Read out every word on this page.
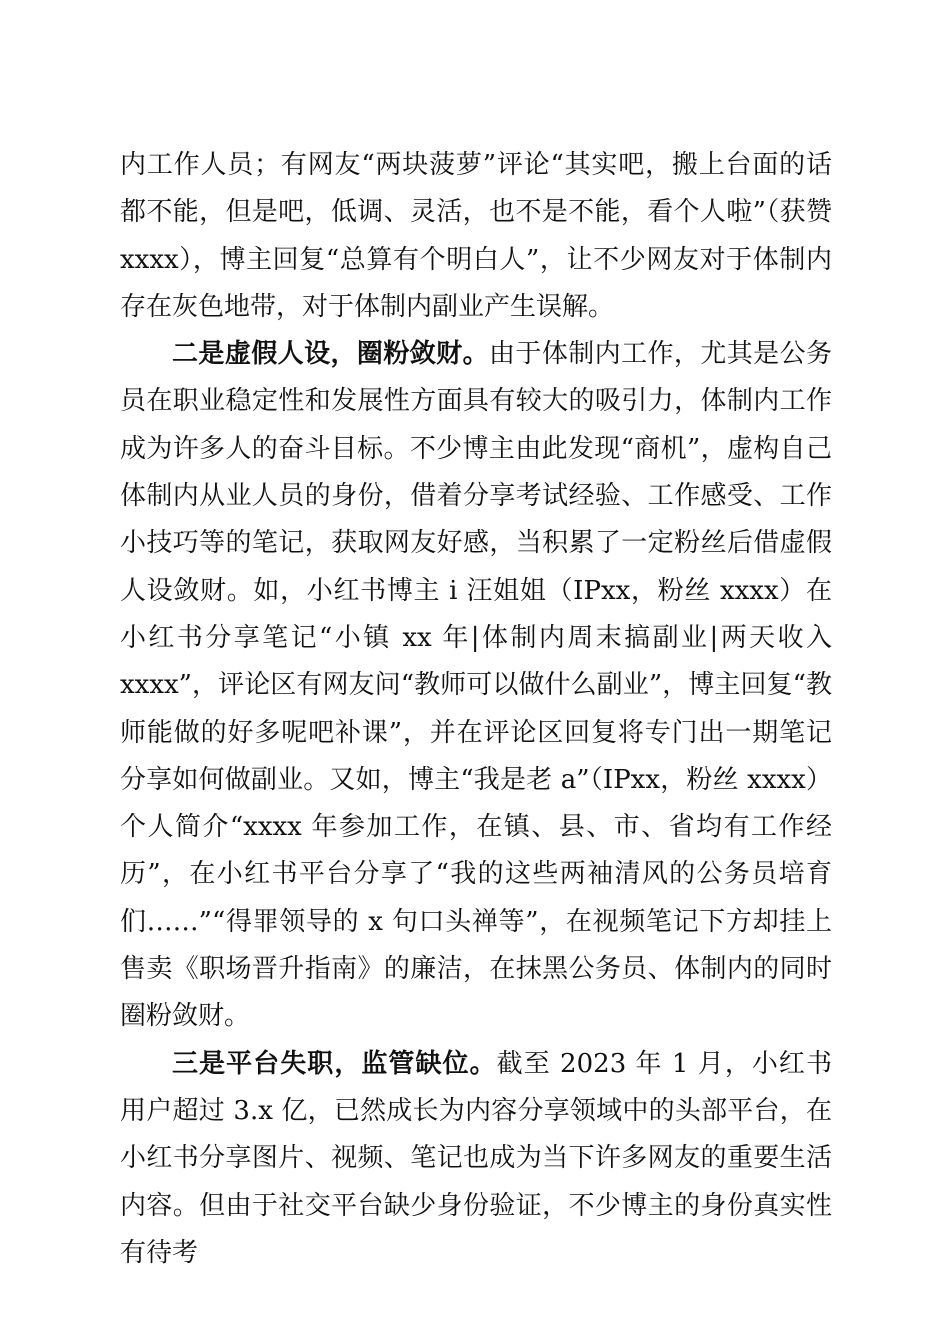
内工作人员；有网友“两块菠萝”评论“其实吧，搬上台面的话都不能，但是吧，低调、灵活，也不是不能，看个人啦”（获赞 xxxx），博主回复“总算有个明白人”，让不少网友对于体制内存在灰色地带，对于体制内副业产生误解。

二是虚假人设，圈粉敛财。由于体制内工作，尤其是公务员在职业稳定性和发展性方面具有较大的吸引力，体制内工作成为许多人的奋斗目标。不少博主由此发现“商机”，虚构自己体制内从业人员的身份，借着分享考试经验、工作感受、工作小技巧等的笔记，获取网友好感，当积累了一定粉丝后借虚假人设敛财。如，小红书博主 i 汪姐姐（IPxx，粉丝 xxxx）在小红书分享笔记“小镇 xx 年|体制内周末搞副业|两天收入 xxxx”，评论区有网友问“教师可以做什么副业”，博主回复“教师能做的好多呢吧补课”，并在评论区回复将专门出一期笔记分享如何做副业。又如，博主“我是老 a”（IPxx，粉丝 xxxx）个人简介“xxxx 年参加工作，在镇、县、市、省均有工作经历”，在小红书平台分享了“我的这些两袖清风的公务员培育们……”“得罪领导的 x 句口头禅等”，在视频笔记下方却挂上售卖《职场晋升指南》的廉洁，在抹黑公务员、体制内的同时圈粉敛财。

三是平台失职，监管缺位。截至 2023 年 1 月，小红书用户超过 3.x 亿，已然成长为内容分享领域中的头部平台，在小红书分享图片、视频、笔记也成为当下许多网友的重要生活内容。但由于社交平台缺少身份验证，不少博主的身份真实性有待考
